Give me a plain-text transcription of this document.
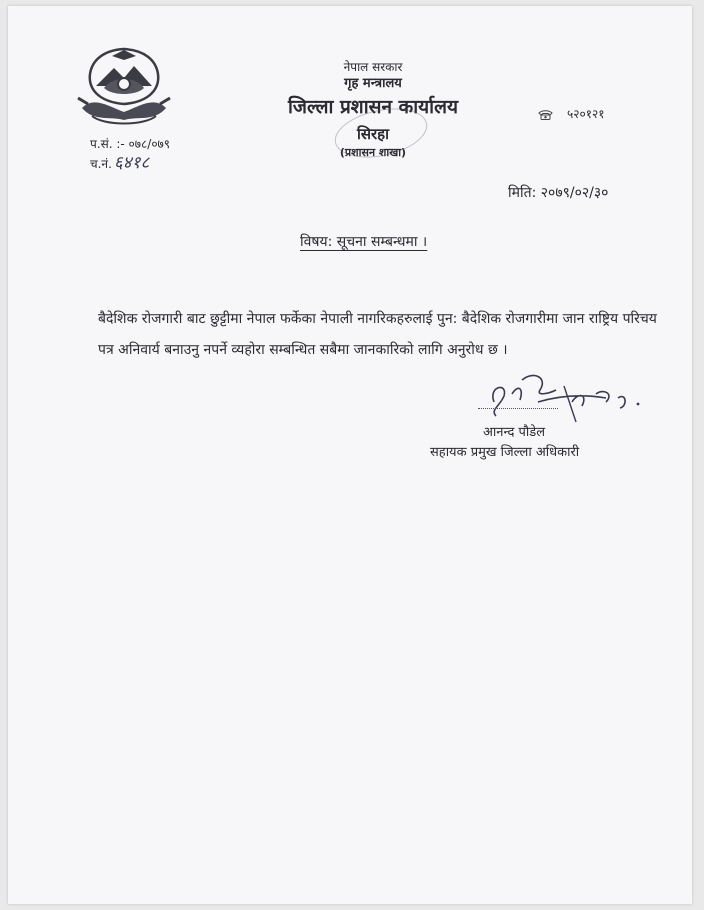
प.सं. :- ०७८/०७९
च.नं. ६४१८
नेपाल सरकार
गृह मन्त्रालय
जिल्ला प्रशासन कार्यालय
सिरहा
(प्रशासन शाखा)
५२०१२१
मिति: २०७९/०२/३०
विषय: सूचना सम्बन्धमा ।
बैदेशिक रोजगारी बाट छुट्टीमा नेपाल फर्केका नेपाली नागरिकहरुलाई पुन: बैदेशिक रोजगारीमा जान राष्ट्रिय परिचय पत्र अनिवार्य बनाउनु नपर्ने व्यहोरा सम्बन्धित सबैमा जानकारिको लागि अनुरोध छ ।
आनन्द पौडेल
सहायक प्रमुख जिल्ला अधिकारी
